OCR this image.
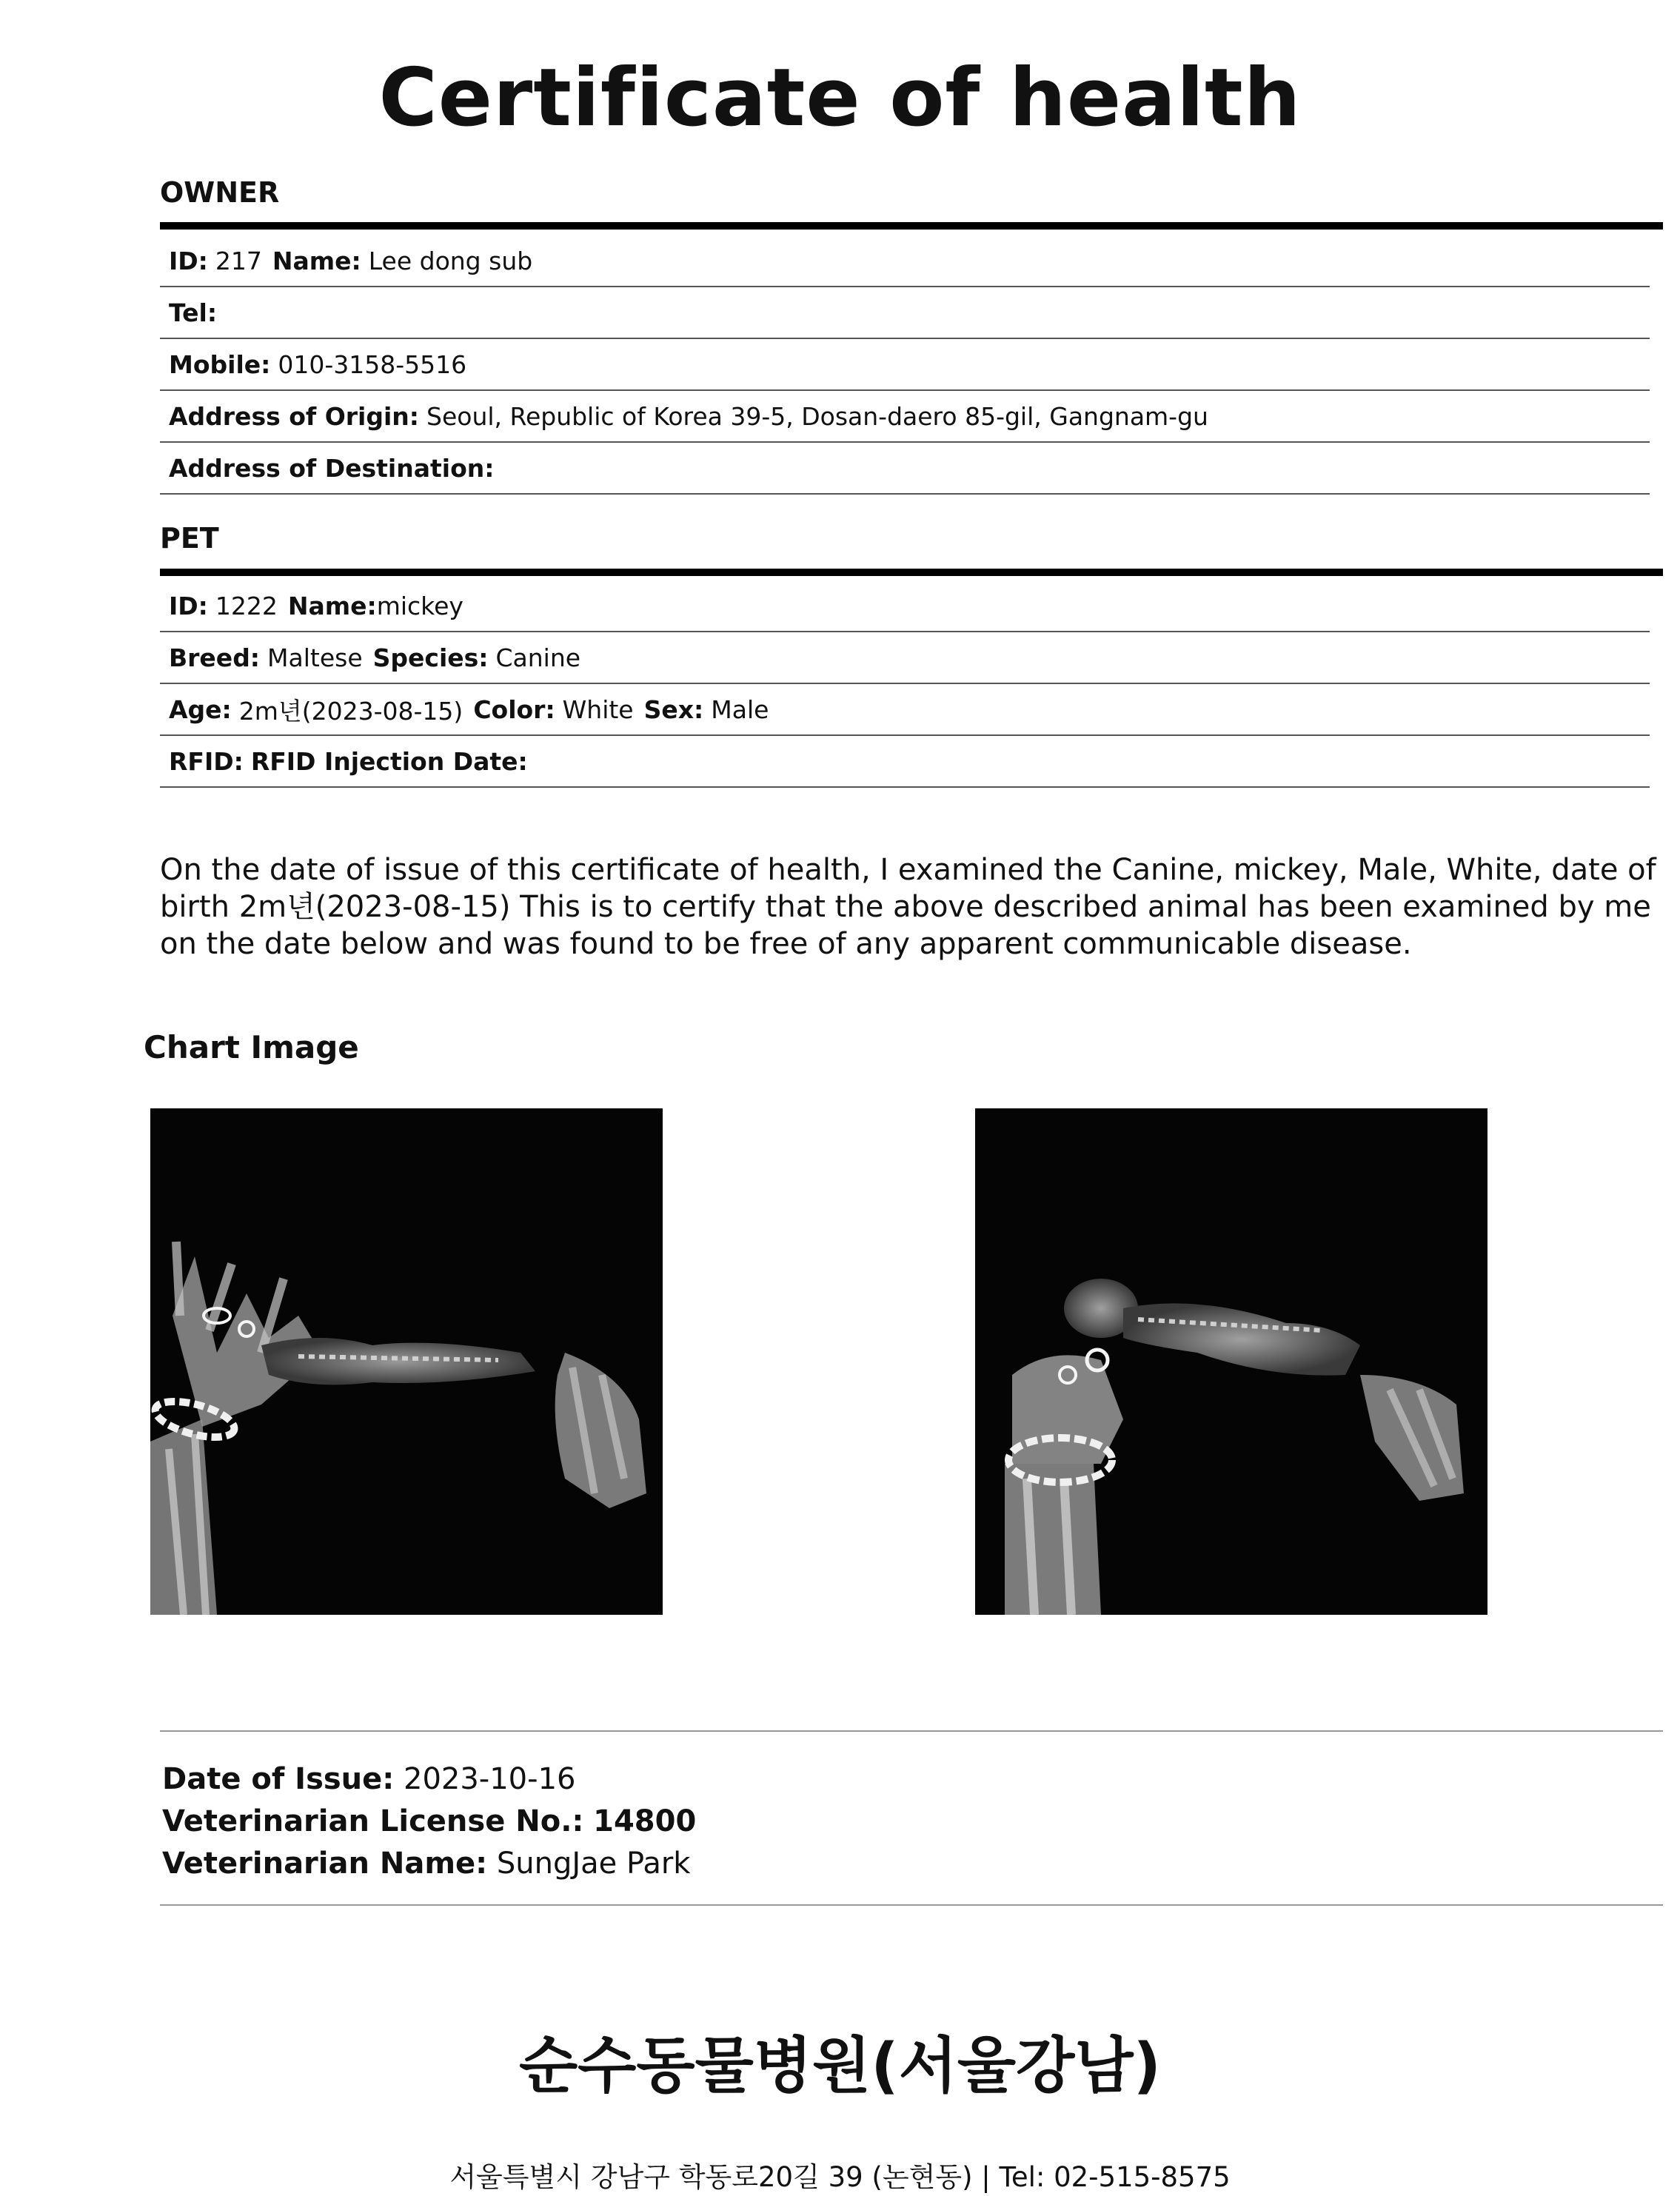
Certificate of health
OWNER
ID: 217 Name: Lee dong sub
Tel:
Mobile: 010-3158-5516
Address of Origin: Seoul, Republic of Korea 39-5, Dosan-daero 85-gil, Gangnam-gu
Address of Destination:
PET
ID: 1222 Name: mickey
Breed: Maltese Species: Canine
Age: 2m년(2023-08-15) Color: White Sex: Male
RFID: RFID Injection Date:

On the date of issue of this certificate of health, I examined the Canine, mickey, Male, White, date of birth 2m년(2023-08-15) This is to certify that the above described animal has been examined by me on the date below and was found to be free of any apparent communicable disease.

Chart Image
Date of Issue: 2023-10-16
Veterinarian License No.: 14800
Veterinarian Name: SungJae Park
순수동물병원(서울강남)
서울특별시 강남구 학동로20길 39 (논현동) | Tel: 02-515-8575
